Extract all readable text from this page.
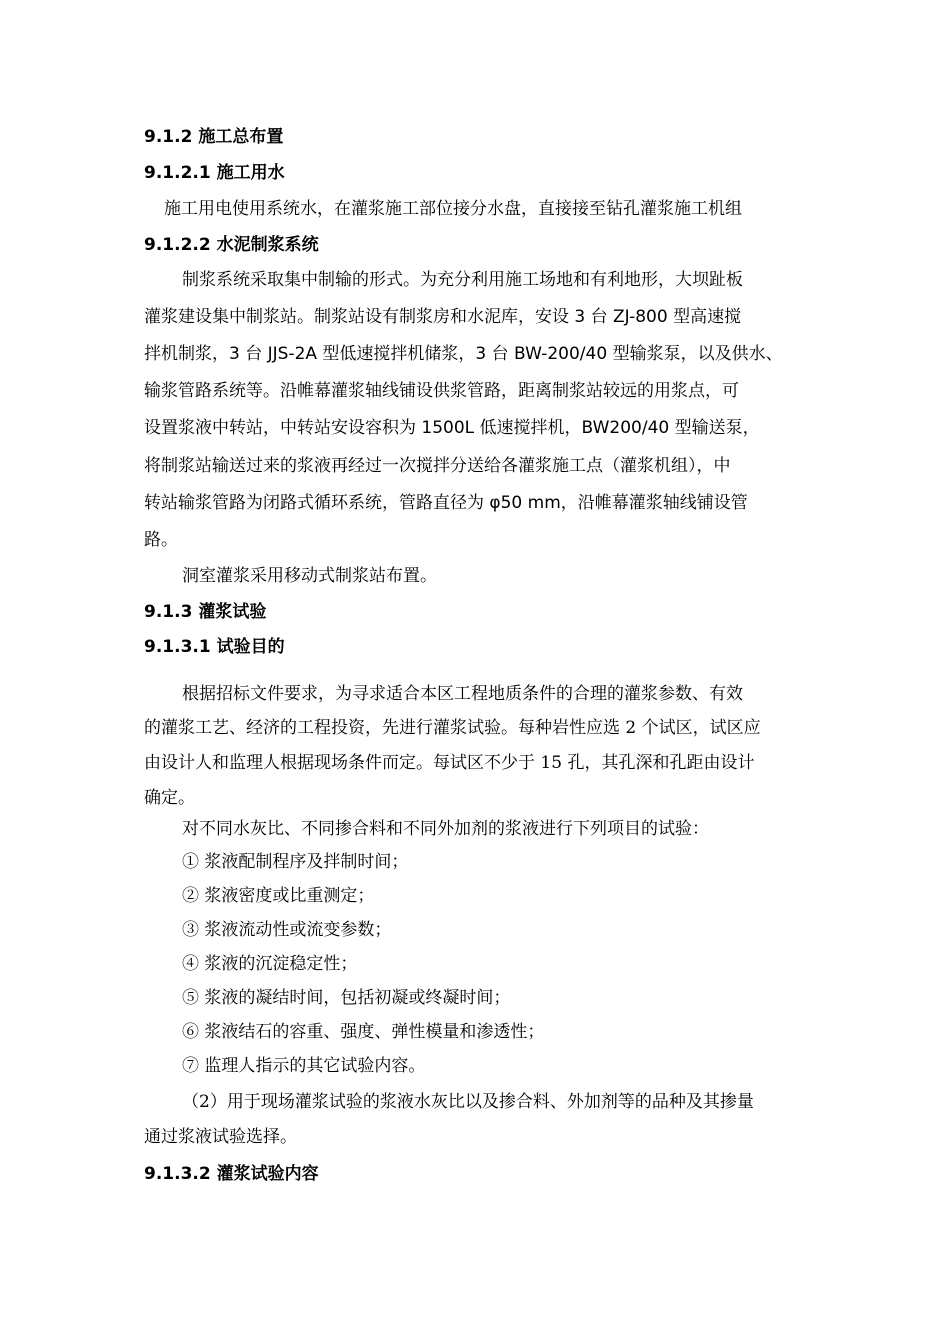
9.1.2 施工总布置

9.1.2.1 施工用水

施工用电使用系统水，在灌浆施工部位接分水盘，直接接至钻孔灌浆施工机组

9.1.2.2 水泥制浆系统

制浆系统采取集中制输的形式。为充分利用施工场地和有利地形，大坝趾板

灌浆建设集中制浆站。制浆站设有制浆房和水泥库，安设 3 台 ZJ-800 型高速搅

拌机制浆，3 台 JJS-2A 型低速搅拌机储浆，3 台 BW-200/40 型输浆泵，以及供水、

输浆管路系统等。沿帷幕灌浆轴线铺设供浆管路，距离制浆站较远的用浆点，可

设置浆液中转站，中转站安设容积为 1500L 低速搅拌机，BW200/40 型输送泵，

将制浆站输送过来的浆液再经过一次搅拌分送给各灌浆施工点（灌浆机组），中

转站输浆管路为闭路式循环系统，管路直径为 φ50 mm，沿帷幕灌浆轴线铺设管

路。

洞室灌浆采用移动式制浆站布置。

9.1.3 灌浆试验

9.1.3.1 试验目的

根据招标文件要求，为寻求适合本区工程地质条件的合理的灌浆参数、有效

的灌浆工艺、经济的工程投资，先进行灌浆试验。每种岩性应选 2 个试区，试区应

由设计人和监理人根据现场条件而定。每试区不少于 15 孔，其孔深和孔距由设计

确定。

对不同水灰比、不同掺合料和不同外加剂的浆液进行下列项目的试验：

① 浆液配制程序及拌制时间；

② 浆液密度或比重测定；

③ 浆液流动性或流变参数；

④ 浆液的沉淀稳定性；

⑤ 浆液的凝结时间，包括初凝或终凝时间；

⑥ 浆液结石的容重、强度、弹性模量和渗透性；

⑦ 监理人指示的其它试验内容。

（2）用于现场灌浆试验的浆液水灰比以及掺合料、外加剂等的品种及其掺量

通过浆液试验选择。

9.1.3.2 灌浆试验内容
